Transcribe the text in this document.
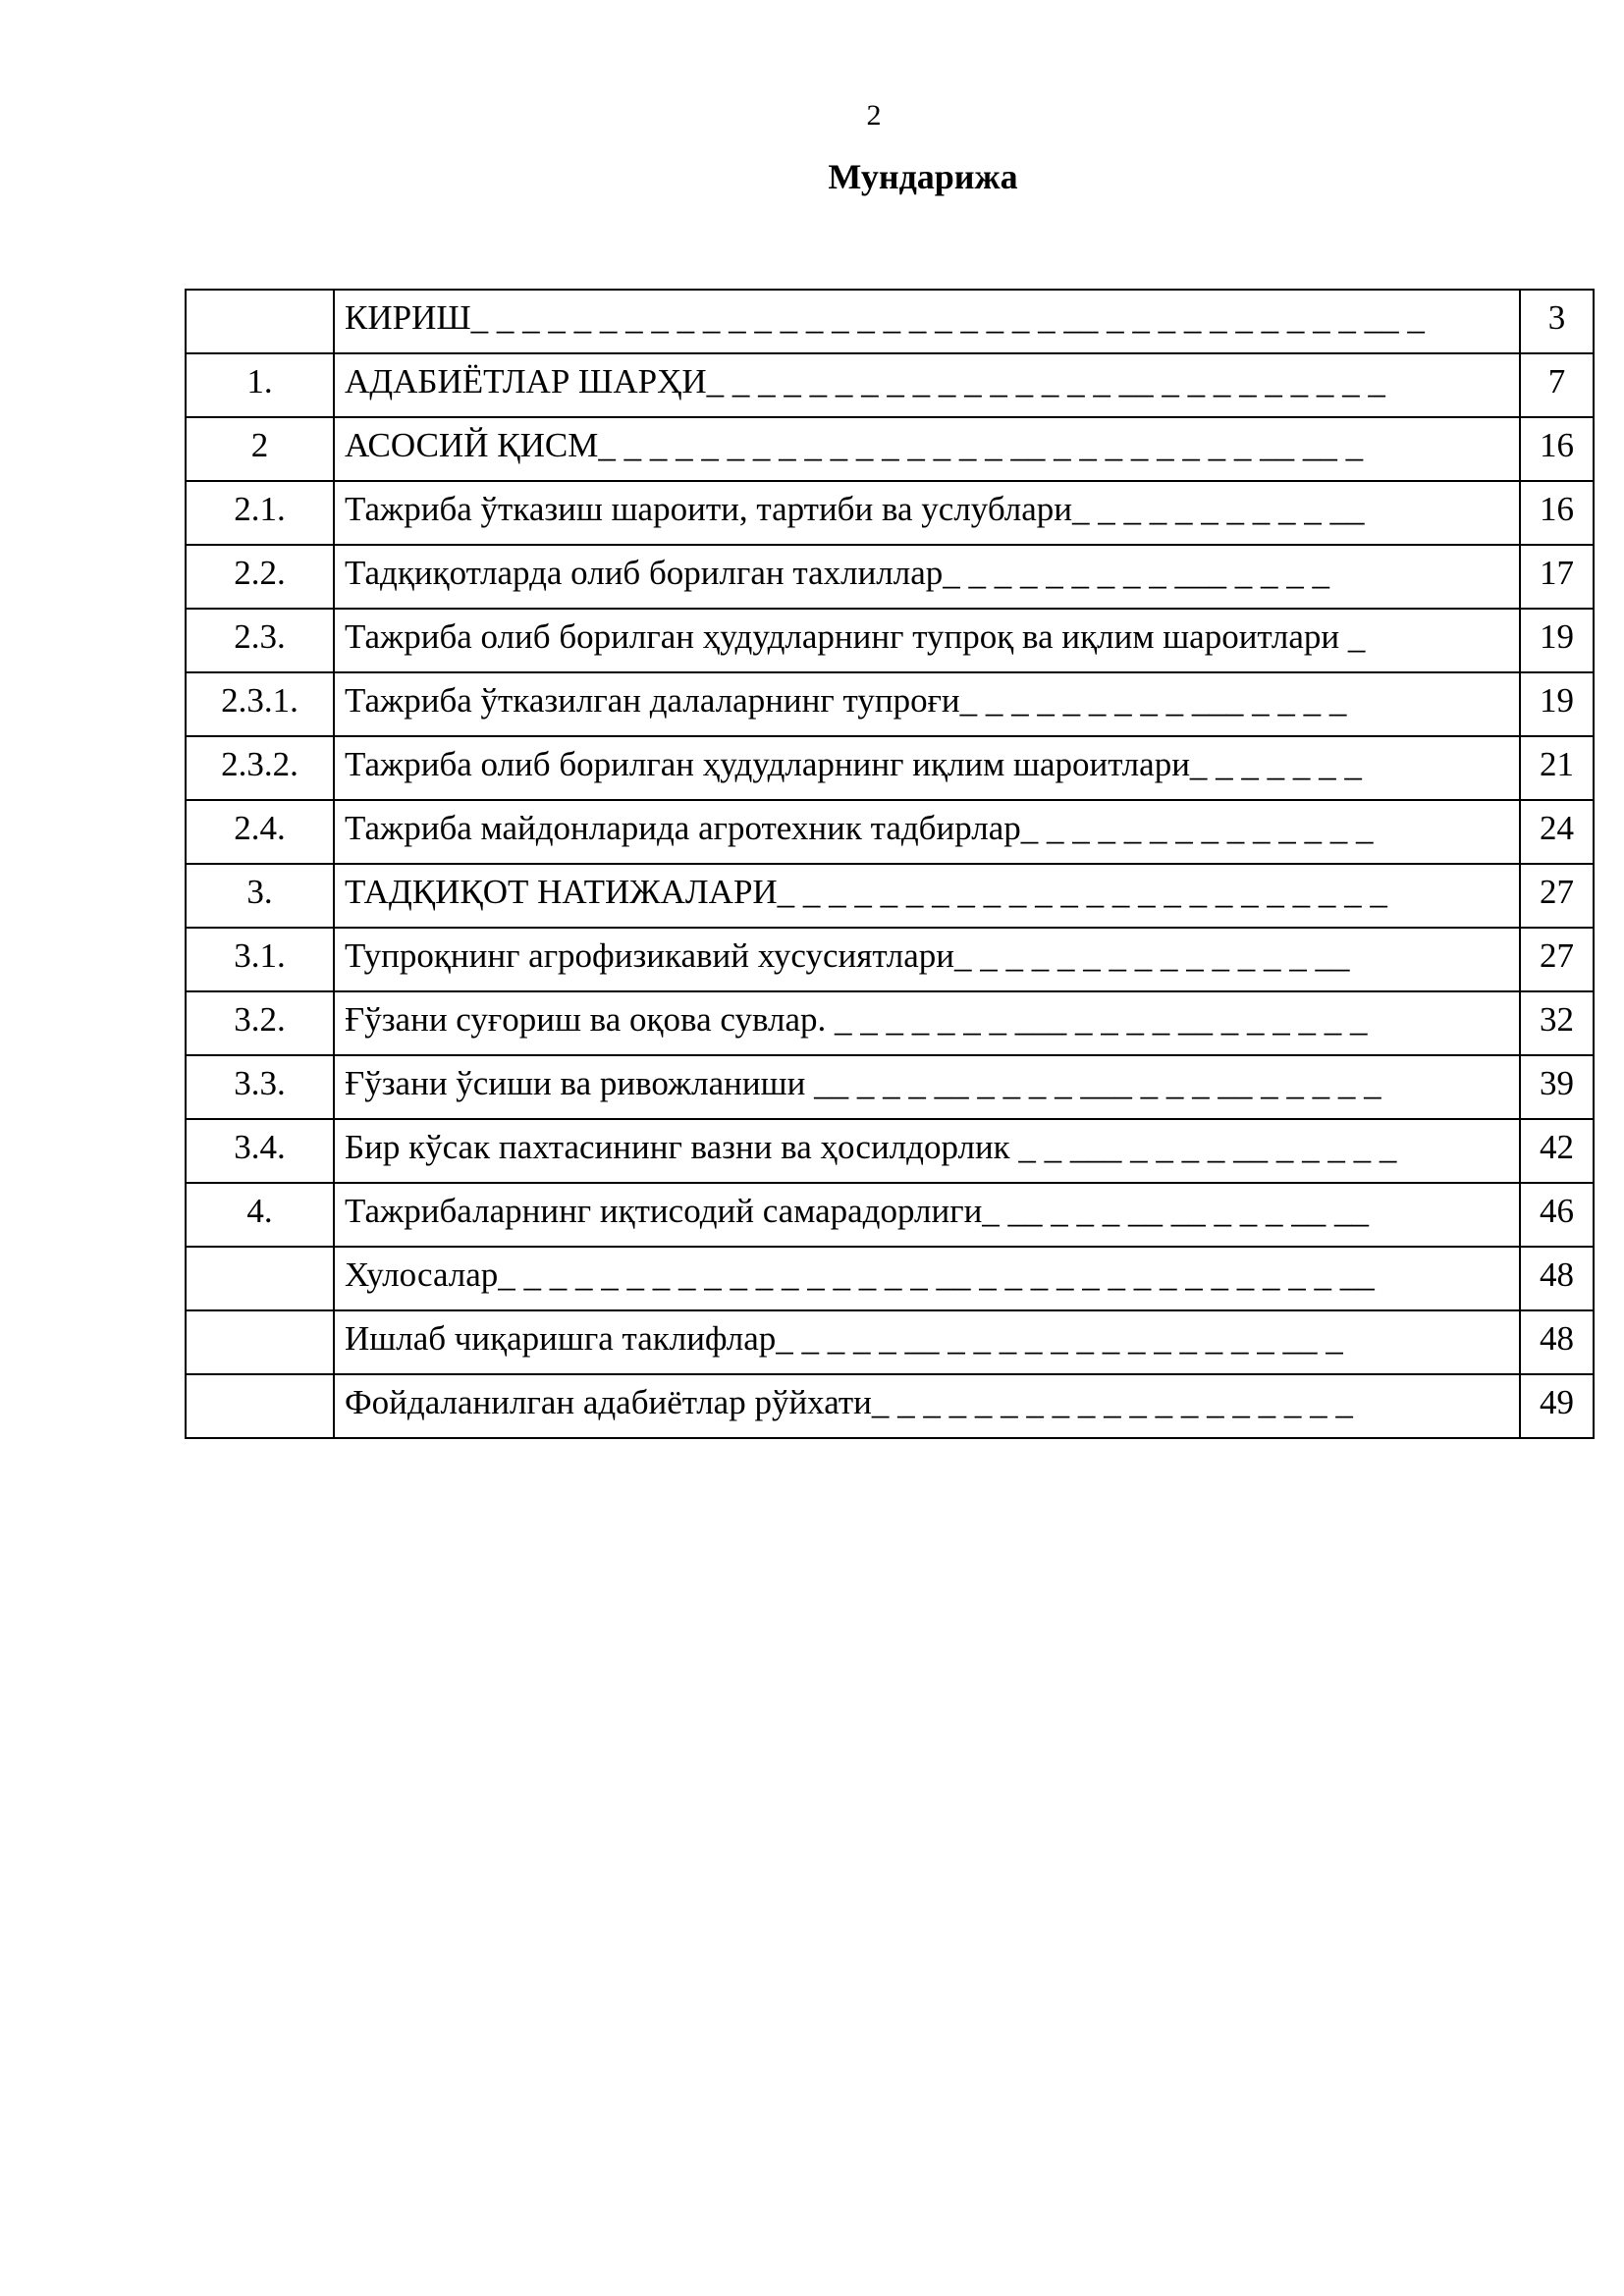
2
Мундарижа
	КИРИШ_ _ _ _ _ _ _ _ _ _ _ _ _ _ _ _ _ _ _ _ _ _ _ __ _ _ _ _ _ _ _ _ _ _ __ _	3
1.	АДАБИЁТЛАР ШАРҲИ_ _ _ _ _ _ _ _ _ _ _ _ _ _ _ _ __ _ _ _ _ _ _ _ _ _	7
2	АСОСИЙ ҚИСМ_ _ _ _ _ _ _ _ _ _ _ _ _ _ _ _ __ _ _ _ _ _ _ _ _ __ __ _	16
2.1.	Тажриба ўтказиш шароити, тартиби ва услублари_ _ _ _ _ _ _ _ _ _ __	16
2.2.	Тадқиқотларда олиб борилган тахлиллар_ _ _ _ _ _ _ _ _ ___ _ _ _ _	17
2.3.	Тажриба олиб борилган ҳудудларнинг тупроқ ва иқлим шароитлари _	19
2.3.1.	Тажриба ўтказилган далаларнинг тупроғи_ _ _ _ _ _ _ _ _ ___ _ _ _ _	19
2.3.2.	Тажриба олиб борилган ҳудудларнинг иқлим шароитлари_ _ _ _ _ _ _	21
2.4.	Тажриба майдонларида агротехник тадбирлар_ _ _ _ _ _ _ _ _ _ _ _ _ _	24
3.	ТАДҚИҚОТ НАТИЖАЛАРИ_ _ _ _ _ _ _ _ _ _ _ _ _ _ _ _ _ _ _ _ _ _ _ _	27
3.1.	Тупроқнинг агрофизикавий хусусиятлари_ _ _ _ _ _ _ _ _ _ _ _ _ _ __	27
3.2.	Ғўзани суғориш ва оқова сувлар. _ _ _ _ _ _ _ ___ _ _ _ _ __ _ _ _ _ _ _	32
3.3.	Ғўзани ўсиши ва ривожланиши __ _ _ _ __ _ _ _ _ ___ _ _ _ __ _ _ _ _ _	39
3.4.	Бир кўсак пахтасининг вазни ва ҳосилдорлик _ _ ___ _ _ _ _ __ _ _ _ _ _	42
4.	Тажрибаларнинг иқтисодий самарадорлиги_ __ _ _ _ __ __ _ _ _ __ __	46
	Хулосалар_ _ _ _ _ _ _ _ _ _ _ _ _ _ _ _ _ __ _ _ _ _ _ _ _ _ _ _ _ _ _ _ __	48
	Ишлаб чиқаришга таклифлар_ _ _ _ _ __ _ _ _ _ _ _ _ _ _ _ _ _ _ __ _	48
	Фойдаланилган адабиётлар рўйхати_ _ _ _ _ _ _ _ _ _ _ _ _ _ _ _ _ _ _	49
